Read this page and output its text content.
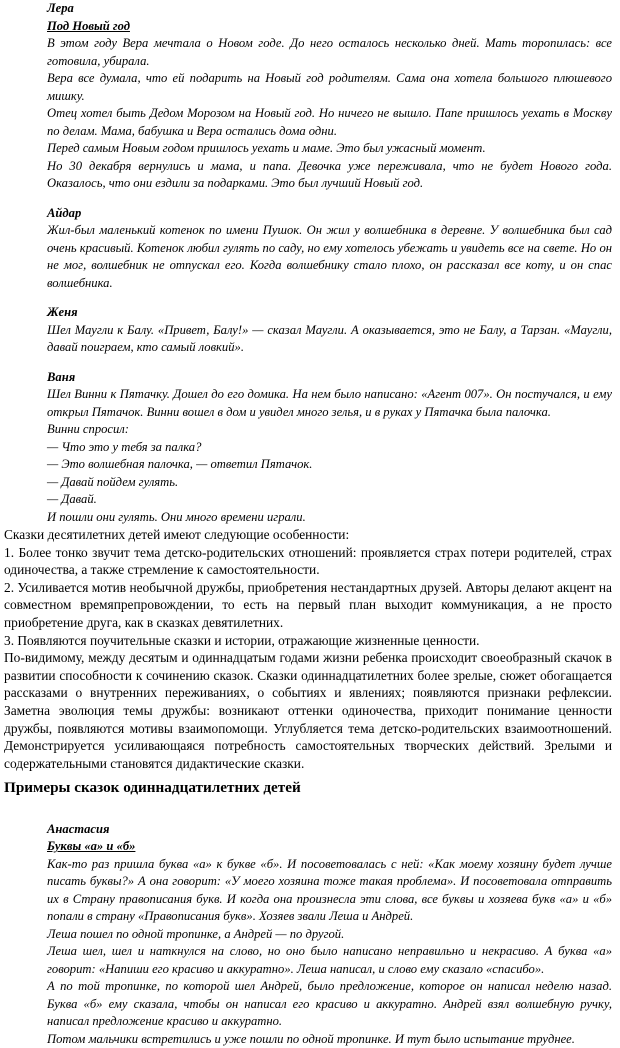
Лера

Под Новый год

В этом году Вера мечтала о Новом годе. До него осталось несколько дней. Мать торопилась: все готовила, убирала.

Вера все думала, что ей подарить на Новый год родителям. Сама она хотела большого плюшевого мишку.

Отец хотел быть Дедом Морозом на Новый год. Но ничего не вышло. Папе пришлось уехать в Москву по делам. Мама, бабушка и Вера остались дома одни.

Перед самым Новым годом пришлось уехать и маме. Это был ужасный момент.

Но 30 декабря вернулись и мама, и папа. Девочка уже переживала, что не будет Нового года. Оказалось, что они ездили за подарками. Это был лучший Новый год.

Айдар

Жил-был маленький котенок по имени Пушок. Он жил у волшебника в деревне. У волшебника был сад очень красивый. Котенок любил гулять по саду, но ему хотелось убежать и увидеть все на свете. Но он не мог, волшебник не отпускал его. Когда волшебнику стало плохо, он рассказал все коту, и он спас волшебника.

Женя

Шел Маугли к Балу. «Привет, Балу!» — сказал Маугли. А оказывается, это не Балу, а Тарзан. «Маугли, давай поиграем, кто самый ловкий».

Ваня

Шел Винни к Пятачку. Дошел до его домика. На нем было написано: «Агент 007». Он постучался, и ему открыл Пятачок. Винни вошел в дом и увидел много зелья, и в руках у Пятачка была палочка.

Винни спросил:

— Что это у тебя за палка?

— Это волшебная палочка, — ответил Пятачок.

— Давай пойдем гулять.

— Давай.

И пошли они гулять. Они много времени играли.

Сказки десятилетних детей имеют следующие особенности:

1. Более тонко звучит тема детско-родительских отношений: проявляется страх потери родителей, страх одиночества, а также стремление к самостоятельности.

2. Усиливается мотив необычной дружбы, приобретения нестандартных друзей. Авторы делают акцент на совместном времяпрепровождении, то есть на первый план выходит коммуникация, а не просто приобретение друга, как в сказках девятилетних.

3. Появляются поучительные сказки и истории, отражающие жизненные ценности.

По-видимому, между десятым и одиннадцатым годами жизни ребенка происходит своеобразный скачок в развитии способности к сочинению сказок. Сказки одиннадцатилетних более зрелые, сюжет обогащается рассказами о внутренних переживаниях, о событиях и явлениях; появляются признаки рефлексии. Заметна эволюция темы дружбы: возникают оттенки одиночества, приходит понимание ценности дружбы, появляются мотивы взаимопомощи. Углубляется тема детско-родительских взаимоотношений. Демонстрируется усиливающаяся потребность самостоятельных творческих действий. Зрелыми и содержательными становятся дидактические сказки.

Примеры сказок одиннадцатилетних детей

Анастасия

Буквы «а» и «б»

Как-то раз пришла буква «а» к букве «б». И посоветовалась с ней: «Как моему хозяину будет лучше писать буквы?» А она говорит: «У моего хозяина тоже такая проблема». И посоветовала отправить их в Страну правописания букв. И когда она произнесла эти слова, все буквы и хозяева букв «а» и «б» попали в страну «Правописания букв». Хозяев звали Леша и Андрей.

Леша пошел по одной тропинке, а Андрей — по другой.

Леша шел, шел и наткнулся на слово, но оно было написано неправильно и некрасиво. А буква «а» говорит: «Напиши его красиво и аккуратно». Леша написал, и слово ему сказало «спасибо».

А по той тропинке, по которой шел Андрей, было предложение, которое он написал неделю назад. Буква «б» ему сказала, чтобы он написал его красиво и аккуратно. Андрей взял волшебную ручку, написал предложение красиво и аккуратно.

Потом мальчики встретились и уже пошли по одной тропинке. И тут было испытание труднее.
